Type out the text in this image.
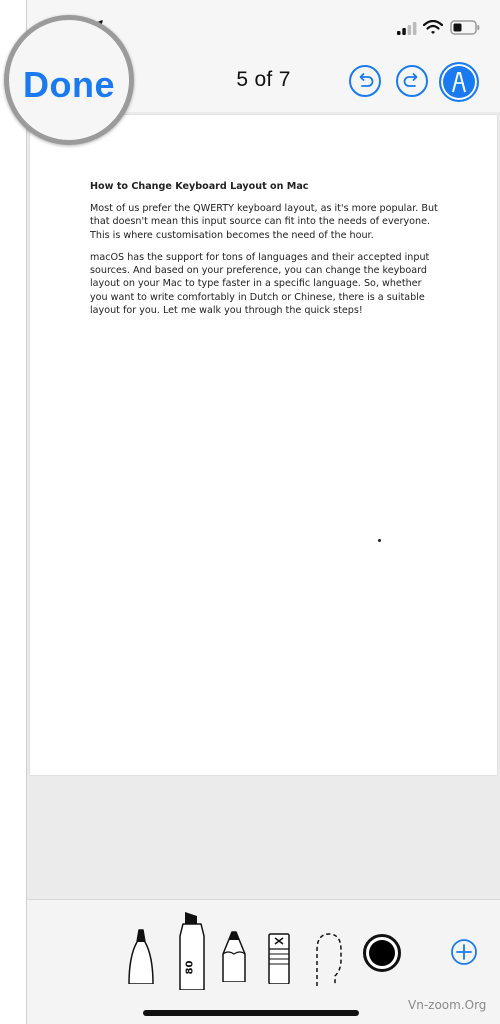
5 of 7
How to Change Keyboard Layout on Mac
Most of us prefer the QWERTY keyboard layout, as it's more popular. But that doesn't mean this input source can fit into the needs of everyone. This is where customisation becomes the need of the hour.
macOS has the support for tons of languages and their accepted input sources. And based on your preference, you can change the keyboard layout on your Mac to type faster in a specific language. So, whether you want to write comfortably in Dutch or Chinese, there is a suitable layout for you. Let me walk you through the quick steps!
80
Done
Vn-zoom.Org
